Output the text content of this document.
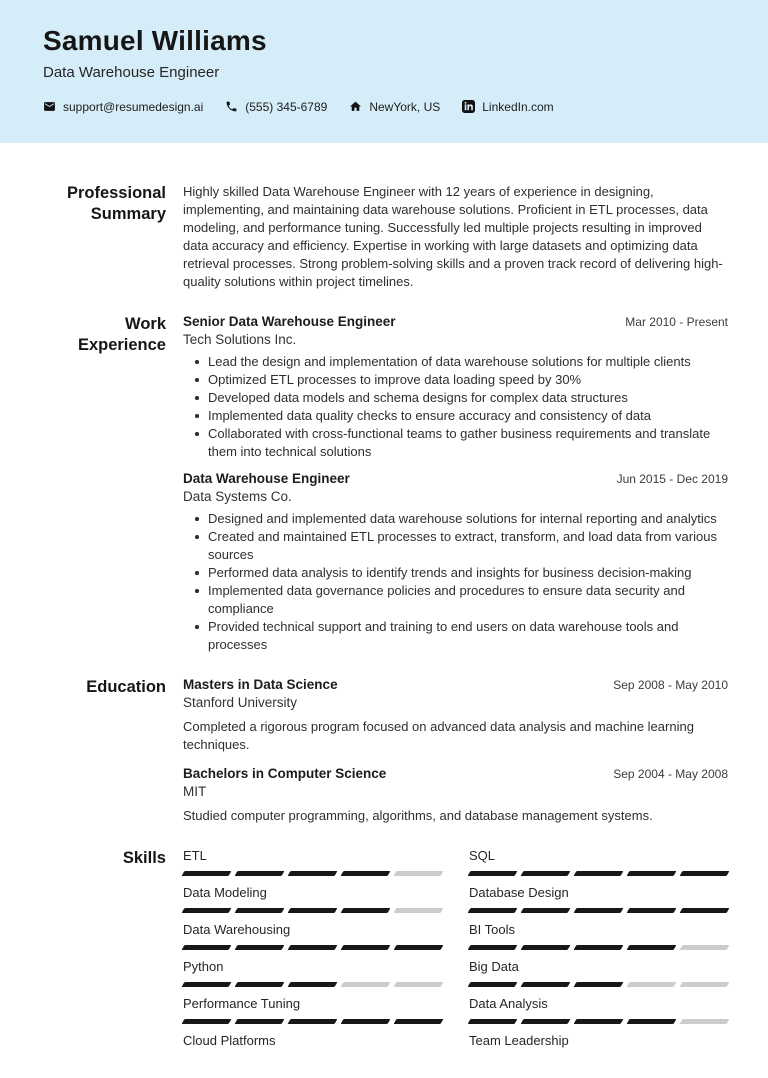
Samuel Williams
Data Warehouse Engineer
support@resumedesign.ai	(555) 345-6789	NewYork, US	LinkedIn.com
Professional Summary

Highly skilled Data Warehouse Engineer with 12 years of experience in designing, implementing, and maintaining data warehouse solutions. Proficient in ETL processes, data modeling, and performance tuning. Successfully led multiple projects resulting in improved data accuracy and efficiency. Expertise in working with large datasets and optimizing data retrieval processes. Strong problem-solving skills and a proven track record of delivering high-quality solutions within project timelines.

Work Experience
Senior Data Warehouse Engineer	Mar 2010 - Present
Tech Solutions Inc.
Lead the design and implementation of data warehouse solutions for multiple clients
Optimized ETL processes to improve data loading speed by 30%
Developed data models and schema designs for complex data structures
Implemented data quality checks to ensure accuracy and consistency of data
Collaborated with cross-functional teams to gather business requirements and translate them into technical solutions
Data Warehouse Engineer	Jun 2015 - Dec 2019
Data Systems Co.
Designed and implemented data warehouse solutions for internal reporting and analytics
Created and maintained ETL processes to extract, transform, and load data from various sources
Performed data analysis to identify trends and insights for business decision-making
Implemented data governance policies and procedures to ensure data security and compliance
Provided technical support and training to end users on data warehouse tools and processes
Education Masters in Data Science	Sep 2008 - May 2010
Stanford University

Completed a rigorous program focused on advanced data analysis and machine learning techniques.

Bachelors in Computer Science	Sep 2004 - May 2008
MIT

Studied computer programming, algorithms, and database management systems.

Skills ETL	SQL
Data Modeling	Database Design
Data Warehousing	BI Tools
Python	Big Data
Performance Tuning	Data Analysis
Cloud Platforms	Team Leadership
